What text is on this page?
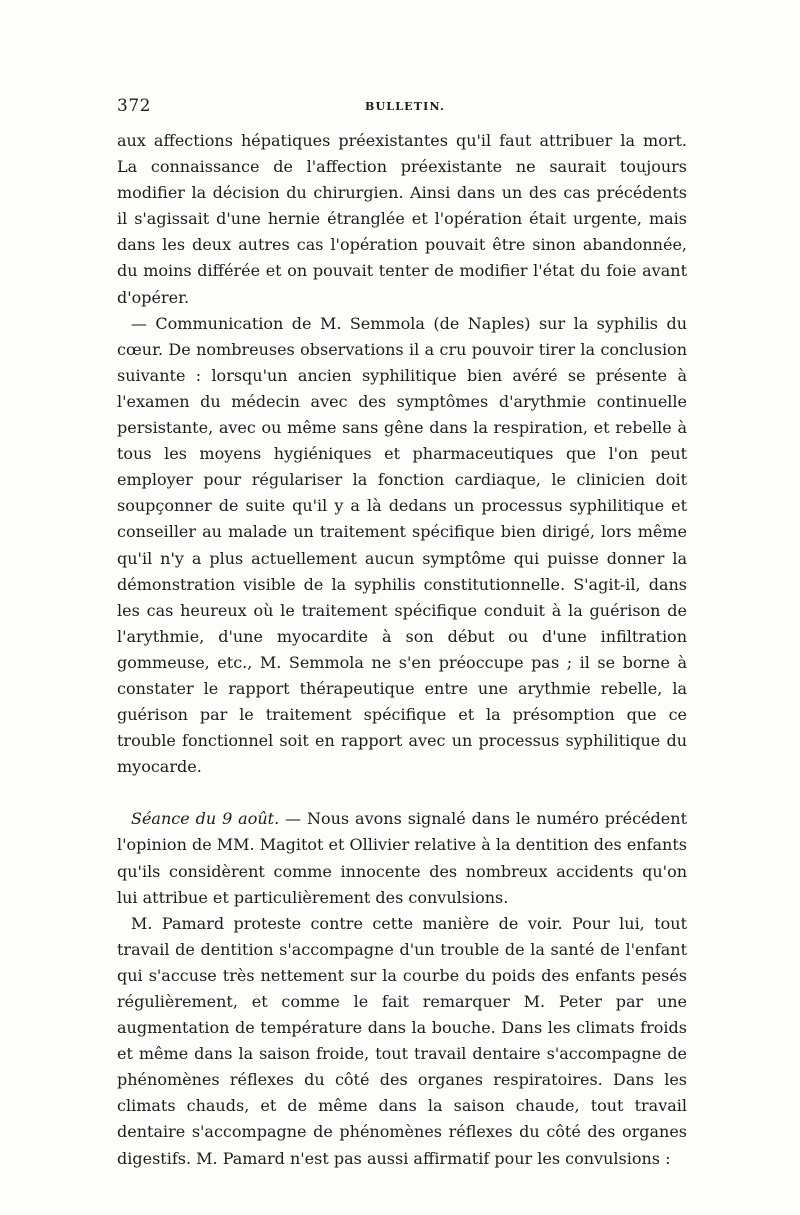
372	BULLETIN.

aux affections hépatiques préexistantes qu'il faut attribuer la mort. La connaissance de l'affection préexistante ne saurait toujours modifier la décision du chirurgien. Ainsi dans un des cas précédents il s'agissait d'une hernie étranglée et l'opération était urgente, mais dans les deux autres cas l'opération pouvait être sinon abandonnée, du moins différée et on pouvait tenter de modifier l'état du foie avant d'opérer.

— Communication de M. Semmola (de Naples) sur la syphilis du cœur. De nombreuses observations il a cru pouvoir tirer la conclusion suivante : lorsqu'un ancien syphilitique bien avéré se présente à l'examen du médecin avec des symptômes d'arythmie continuelle persistante, avec ou même sans gêne dans la respiration, et rebelle à tous les moyens hygiéniques et pharmaceutiques que l'on peut employer pour régulariser la fonction cardiaque, le clinicien doit soupçonner de suite qu'il y a là dedans un processus syphilitique et conseiller au malade un traitement spécifique bien dirigé, lors même qu'il n'y a plus actuellement aucun symptôme qui puisse donner la démonstration visible de la syphilis constitutionnelle. S'agit-il, dans les cas heureux où le traitement spécifique conduit à la guérison de l'arythmie, d'une myocardite à son début ou d'une infiltration gommeuse, etc., M. Semmola ne s'en préoccupe pas ; il se borne à constater le rapport thérapeutique entre une arythmie rebelle, la guérison par le traitement spécifique et la présomption que ce trouble fonctionnel soit en rapport avec un processus syphilitique du myocarde.

Séance du 9 août. — Nous avons signalé dans le numéro précédent l'opinion de MM. Magitot et Ollivier relative à la dentition des enfants qu'ils considèrent comme innocente des nombreux accidents qu'on lui attribue et particulièrement des convulsions.

M. Pamard proteste contre cette manière de voir. Pour lui, tout travail de dentition s'accompagne d'un trouble de la santé de l'enfant qui s'accuse très nettement sur la courbe du poids des enfants pesés régulièrement, et comme le fait remarquer M. Peter par une augmentation de température dans la bouche. Dans les climats froids et même dans la saison froide, tout travail dentaire s'accompagne de phénomènes réflexes du côté des organes respiratoires. Dans les climats chauds, et de même dans la saison chaude, tout travail dentaire s'accompagne de phénomènes réflexes du côté des organes digestifs. M. Pamard n'est pas aussi affirmatif pour les convulsions :
